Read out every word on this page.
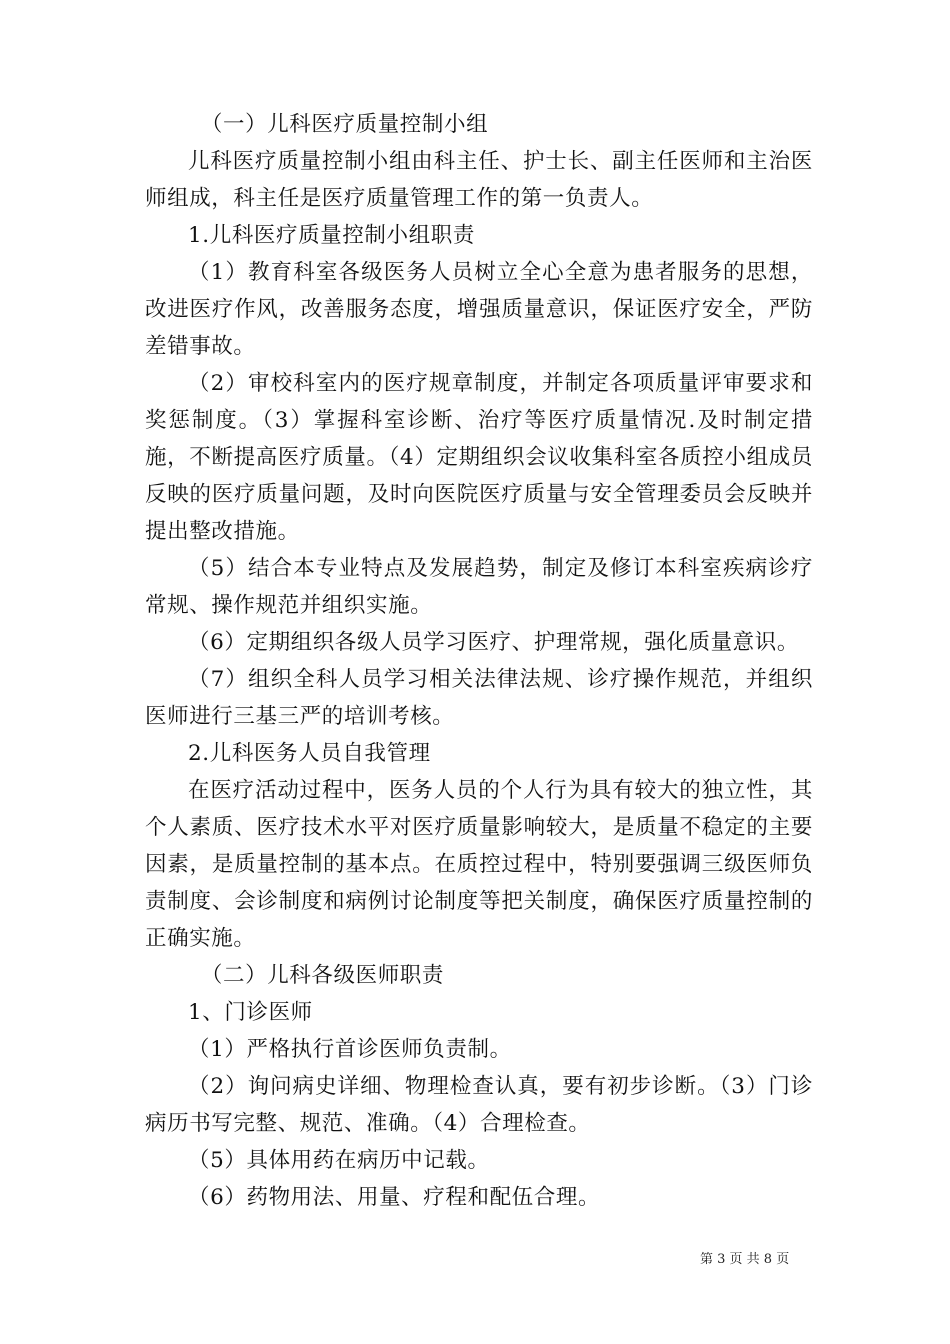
（一）儿科医疗质量控制小组

儿科医疗质量控制小组由科主任、护士长、副主任医师和主治医师组成，科主任是医疗质量管理工作的第一负责人。

1.儿科医疗质量控制小组职责

（1）教育科室各级医务人员树立全心全意为患者服务的思想，改进医疗作风，改善服务态度，增强质量意识，保证医疗安全，严防差错事故。

（2）审校科室内的医疗规章制度，并制定各项质量评审要求和奖惩制度。（3）掌握科室诊断、治疗等医疗质量情况.及时制定措施，不断提高医疗质量。（4）定期组织会议收集科室各质控小组成员反映的医疗质量问题，及时向医院医疗质量与安全管理委员会反映并提出整改措施。

（5）结合本专业特点及发展趋势，制定及修订本科室疾病诊疗常规、操作规范并组织实施。

（6）定期组织各级人员学习医疗、护理常规，强化质量意识。

（7）组织全科人员学习相关法律法规、诊疗操作规范，并组织医师进行三基三严的培训考核。

2.儿科医务人员自我管理

在医疗活动过程中，医务人员的个人行为具有较大的独立性，其个人素质、医疗技术水平对医疗质量影响较大，是质量不稳定的主要因素，是质量控制的基本点。在质控过程中，特别要强调三级医师负责制度、会诊制度和病例讨论制度等把关制度，确保医疗质量控制的正确实施。

（二）儿科各级医师职责

1、门诊医师

（1）严格执行首诊医师负责制。

（2）询问病史详细、物理检查认真，要有初步诊断。（3）门诊病历书写完整、规范、准确。（4）合理检查。

（5）具体用药在病历中记载。

（6）药物用法、用量、疗程和配伍合理。

第 3 页 共 8 页
